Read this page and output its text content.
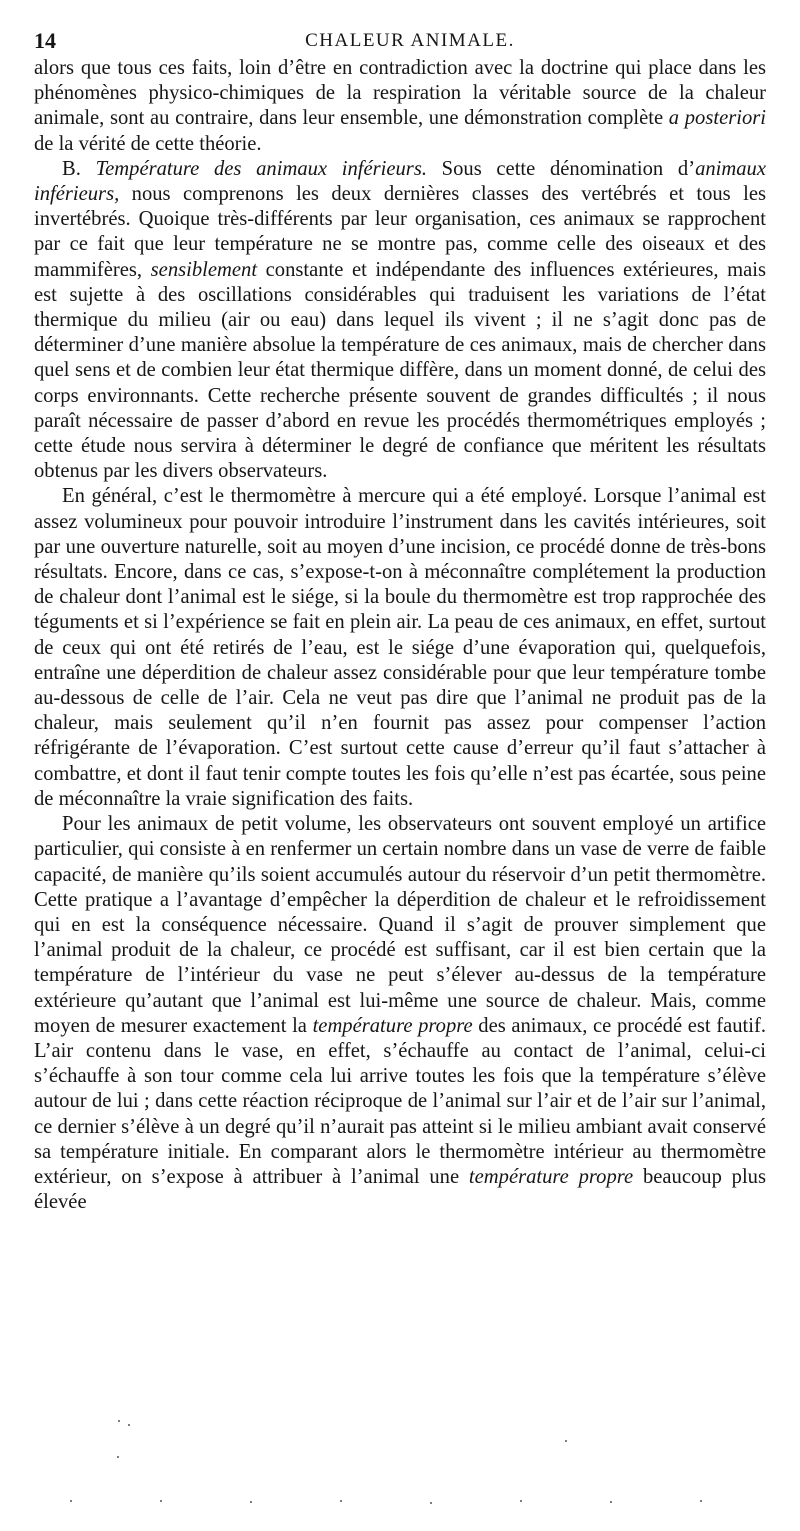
14	CHALEUR ANIMALE.

alors que tous ces faits, loin d’être en contradiction avec la doctrine qui place dans les phénomènes physico-chimiques de la respiration la véritable source de la chaleur animale, sont au contraire, dans leur ensemble, une démonstration complète a posteriori de la vérité de cette théorie.

B. Température des animaux inférieurs. Sous cette dénomination d’animaux inférieurs, nous comprenons les deux dernières classes des vertébrés et tous les invertébrés. Quoique très-différents par leur organisation, ces animaux se rapprochent par ce fait que leur température ne se montre pas, comme celle des oiseaux et des mammifères, sensiblement constante et indépendante des influences extérieures, mais est sujette à des oscillations considérables qui traduisent les variations de l’état thermique du milieu (air ou eau) dans lequel ils vivent ; il ne s’agit donc pas de déterminer d’une manière absolue la température de ces animaux, mais de chercher dans quel sens et de combien leur état thermique diffère, dans un moment donné, de celui des corps environnants. Cette recherche présente souvent de grandes difficultés ; il nous paraît nécessaire de passer d’abord en revue les procédés thermométriques employés ; cette étude nous servira à déterminer le degré de confiance que méritent les résultats obtenus par les divers observateurs.

En général, c’est le thermomètre à mercure qui a été employé. Lorsque l’animal est assez volumineux pour pouvoir introduire l’instrument dans les cavités intérieures, soit par une ouverture naturelle, soit au moyen d’une incision, ce procédé donne de très-bons résultats. Encore, dans ce cas, s’expose-t-on à méconnaître complétement la production de chaleur dont l’animal est le siége, si la boule du thermomètre est trop rapprochée des téguments et si l’expérience se fait en plein air. La peau de ces animaux, en effet, surtout de ceux qui ont été retirés de l’eau, est le siége d’une évaporation qui, quelquefois, entraîne une déperdition de chaleur assez considérable pour que leur température tombe au-dessous de celle de l’air. Cela ne veut pas dire que l’animal ne produit pas de la chaleur, mais seulement qu’il n’en fournit pas assez pour compenser l’action réfrigérante de l’évaporation. C’est surtout cette cause d’erreur qu’il faut s’attacher à combattre, et dont il faut tenir compte toutes les fois qu’elle n’est pas écartée, sous peine de méconnaître la vraie signification des faits.

Pour les animaux de petit volume, les observateurs ont souvent employé un artifice particulier, qui consiste à en renfermer un certain nombre dans un vase de verre de faible capacité, de manière qu’ils soient accumulés autour du réservoir d’un petit thermomètre. Cette pratique a l’avantage d’empêcher la déperdition de chaleur et le refroidissement qui en est la conséquence nécessaire. Quand il s’agit de prouver simplement que l’animal produit de la chaleur, ce procédé est suffisant, car il est bien certain que la température de l’intérieur du vase ne peut s’élever au-dessus de la température extérieure qu’autant que l’animal est lui-même une source de chaleur. Mais, comme moyen de mesurer exactement la température propre des animaux, ce procédé est fautif. L’air contenu dans le vase, en effet, s’échauffe au contact de l’animal, celui-ci s’échauffe à son tour comme cela lui arrive toutes les fois que la température s’élève autour de lui ; dans cette réaction réciproque de l’animal sur l’air et de l’air sur l’animal, ce dernier s’élève à un degré qu’il n’aurait pas atteint si le milieu ambiant avait conservé sa température initiale. En comparant alors le thermomètre intérieur au thermomètre extérieur, on s’expose à attribuer à l’animal une température propre beaucoup plus élevée
